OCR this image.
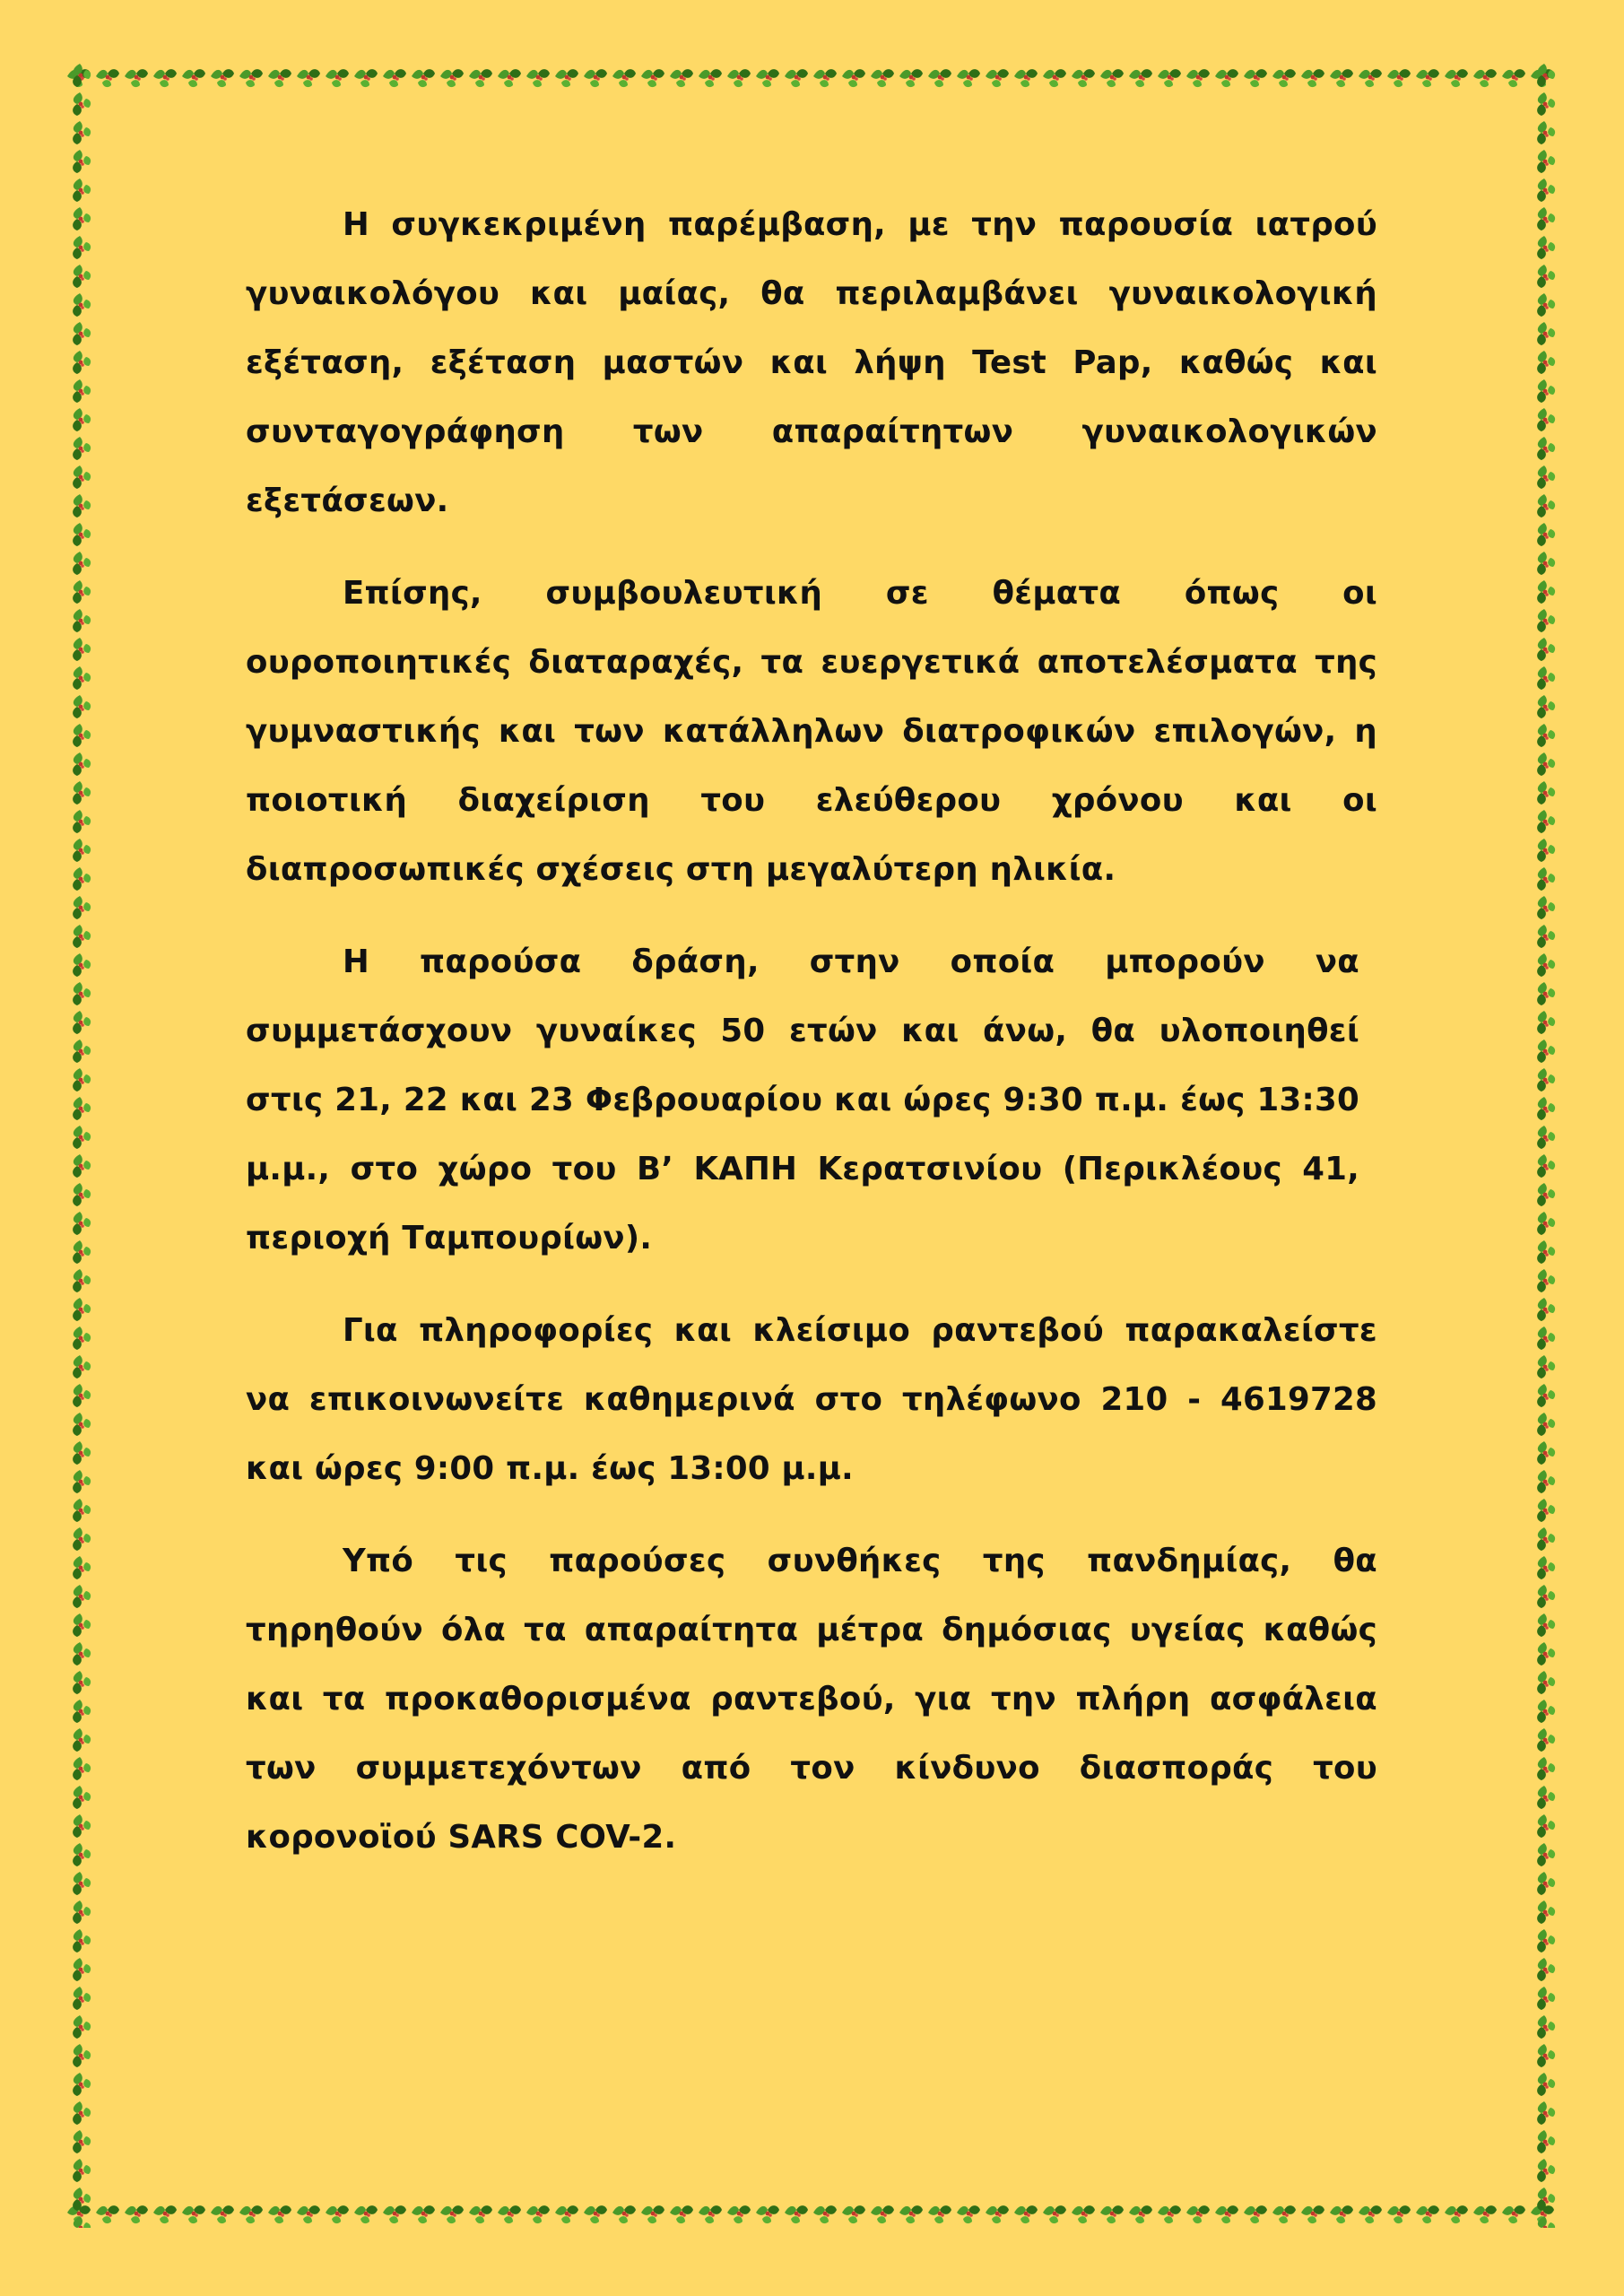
Η συγκεκριμένη παρέμβαση, με την παρουσία ιατρού γυναικολόγου και μαίας, θα περιλαμβάνει γυναικολογική εξέταση, εξέταση μαστών και λήψη Test Pap, καθώς και συνταγογράφηση των απαραίτητων γυναικολογικών εξετάσεων.

Επίσης, συμβουλευτική σε θέματα όπως οι ουροποιητικές διαταραχές, τα ευεργετικά αποτελέσματα της γυμναστικής και των κατάλληλων διατροφικών επιλογών, η ποιοτική διαχείριση του ελεύθερου χρόνου και οι διαπροσωπικές σχέσεις στη μεγαλύτερη ηλικία.

Η παρούσα δράση, στην οποία μπορούν να συμμετάσχουν γυναίκες 50 ετών και άνω, θα υλοποιηθεί στις 21, 22 και 23 Φεβρουαρίου και ώρες 9:30 π.μ. έως 13:30 μ.μ., στο χώρο του Β’ ΚΑΠΗ Κερατσινίου (Περικλέους 41, περιοχή Ταμπουρίων).

Για πληροφορίες και κλείσιμο ραντεβού παρακαλείστε να επικοινωνείτε καθημερινά στο τηλέφωνο 210 - 4619728 και ώρες 9:00 π.μ. έως 13:00 μ.μ.

Υπό τις παρούσες συνθήκες της πανδημίας, θα τηρηθούν όλα τα απαραίτητα μέτρα δημόσιας υγείας καθώς και τα προκαθορισμένα ραντεβού, για την πλήρη ασφάλεια των συμμετεχόντων από τον κίνδυνο διασποράς του κορονοϊού SARS COV-2.
